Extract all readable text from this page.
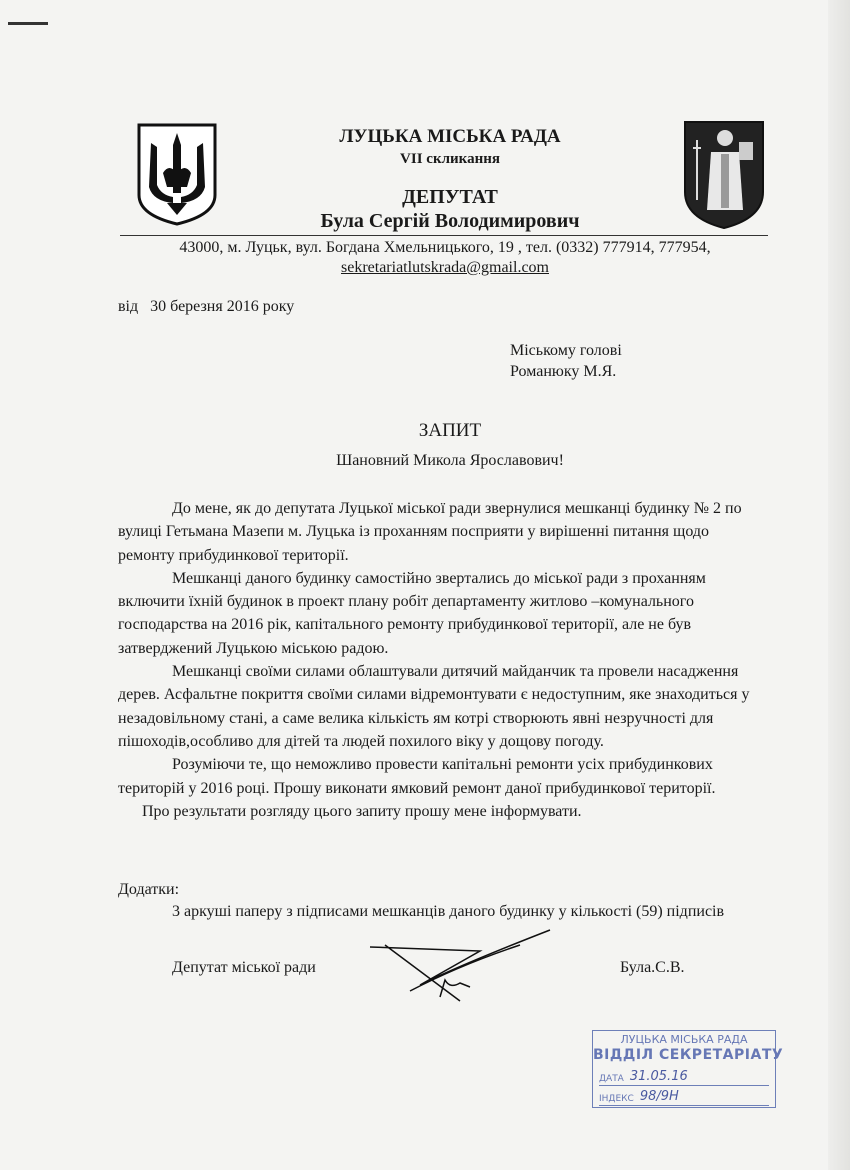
ЛУЦЬКА МІСЬКА РАДА
VII скликання
ДЕПУТАТ
Була Сергій Володимирович
43000, м. Луцьк, вул. Богдана Хмельницького, 19 , тел. (0332) 777914, 777954,
sekretariatlutskrada@gmail.com
від   30 березня 2016 року
Міському голові
Романюку М.Я.
ЗАПИТ
Шановний Микола Ярославович!

До мене, як до депутата Луцької міської ради звернулися мешканці будинку № 2 по вулиці Гетьмана Мазепи м. Луцька із проханням посприяти у вирішенні питання щодо ремонту прибудинкової території.

Мешканці даного будинку самостійно звертались до міської ради з проханням включити їхній будинок в проект плану робіт департаменту житлово –комунального господарства на 2016 рік, капітального ремонту прибудинкової території, але не був затверджений Луцькою міською радою.

Мешканці своїми силами облаштували дитячий майданчик та провели насадження дерев. Асфальтне покриття своїми силами відремонтувати є недоступним, яке знаходиться у незадовільному стані, а саме велика кількість ям котрі створюють явні незручності для пішоходів,особливо для дітей та людей похилого віку у дощову погоду.

Розуміючи те, що неможливо провести капітальні ремонти усіх прибудинкових територій у 2016 році. Прошу виконати ямковий ремонт даної прибудинкової території.

Про результати розгляду цього запиту прошу мене інформувати.

Додатки:
3 аркуші паперу з підписами мешканців даного будинку у кількості (59) підписів
Депутат міської ради	Була.С.В.
ЛУЦЬКА МІСЬКА РАДА
ВІДДІЛ СЕКРЕТАРІАТУ
ДАТА 31.05.16
ІНДЕКС 98/9Н
